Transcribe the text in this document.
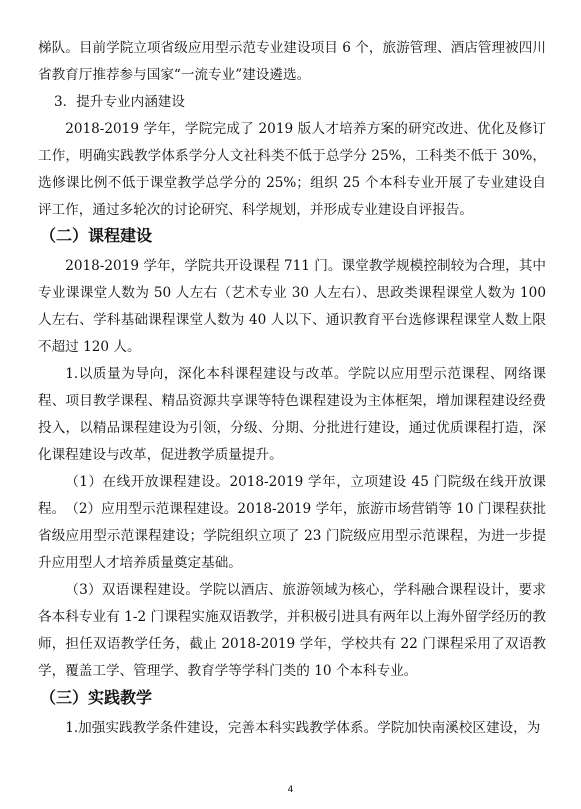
梯队。目前学院立项省级应用型示范专业建设项目 6 个，旅游管理、酒店管理被四川省教育厅推荐参与国家“一流专业”建设遴选。

3．提升专业内涵建设

2018-2019 学年，学院完成了 2019 版人才培养方案的研究改进、优化及修订工作，明确实践教学体系学分人文社科类不低于总学分 25%，工科类不低于 30%，选修课比例不低于课堂教学总学分的 25%；组织 25 个本科专业开展了专业建设自评工作，通过多轮次的讨论研究、科学规划，并形成专业建设自评报告。

（二）课程建设

2018-2019 学年，学院共开设课程 711 门。课堂教学规模控制较为合理，其中专业课课堂人数为 50 人左右（艺术专业 30 人左右）、思政类课程课堂人数为 100 人左右、学科基础课程课堂人数为 40 人以下、通识教育平台选修课程课堂人数上限不超过 120 人。

1.以质量为导向，深化本科课程建设与改革。学院以应用型示范课程、网络课程、项目教学课程、精品资源共享课等特色课程建设为主体框架，增加课程建设经费投入，以精品课程建设为引领，分级、分期、分批进行建设，通过优质课程打造，深化课程建设与改革，促进教学质量提升。

（1）在线开放课程建设。2018-2019 学年，立项建设 45 门院级在线开放课程。 （2）应用型示范课程建设。2018-2019 学年，旅游市场营销等 10 门课程获批省级应用型示范课程建设；学院组织立项了 23 门院级应用型示范课程，为进一步提升应用型人才培养质量奠定基础。

（3）双语课程建设。学院以酒店、旅游领域为核心，学科融合课程设计，要求各本科专业有 1-2 门课程实施双语教学，并积极引进具有两年以上海外留学经历的教师，担任双语教学任务，截止 2018-2019 学年，学校共有 22 门课程采用了双语教学，覆盖工学、管理学、教育学等学科门类的 10 个本科专业。

（三）实践教学

1.加强实践教学条件建设，完善本科实践教学体系。学院加快南溪校区建设，为

4
